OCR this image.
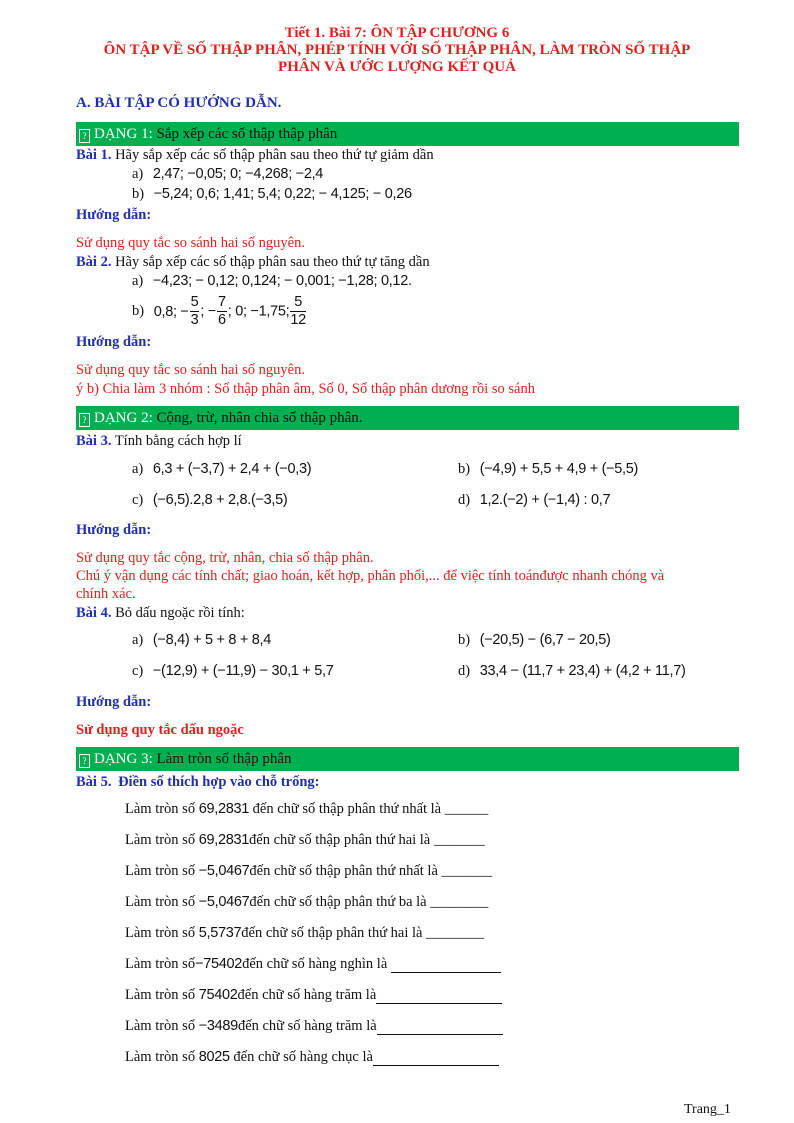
Tiết 1. Bài 7: ÔN TẬP CHƯƠNG 6
ÔN TẬP VỀ SỐ THẬP PHÂN, PHÉP TÍNH VỚI SỐ THẬP PHÂN, LÀM TRÒN SỐ THẬP
PHÂN VÀ ƯỚC LƯỢNG KẾT QUẢ
A. BÀI TẬP CÓ HƯỚNG DẪN.
? DẠNG 1: Sắp xếp các số thập thập phân
Bài 1. Hãy sắp xếp các số thập phân sau theo thứ tự giảm dần
a) 2,47; −0,05; 0; −4,268; −2,4
b) −5,24; 0,6; 1,41; 5,4; 0,22; − 4,125; − 0,26
Hướng dẫn:
Sử dụng quy tắc so sánh hai số nguyên.
Bài 2. Hãy sắp xếp các số thập phân sau theo thứ tự tăng dần
a) −4,23; − 0,12; 0,124; − 0,001; −1,28; 0,12.
b) 0,8; − $\frac{5}{3}$ ; − $\frac{7}{6}$ ; 0; −1,75; $\frac{5}{12}$
Hướng dẫn:
Sử dụng quy tắc so sánh hai số nguyên.
ý b) Chia làm 3 nhóm : Số thập phân âm, Số 0, Số thập phân dương rồi so sánh
? DẠNG 2: Cộng, trừ, nhân chia số thập phân.
Bài 3. Tính bằng cách hợp lí
a) 6,3 + (−3,7) + 2,4 + (−0,3)	b) (−4,9) + 5,5 + 4,9 + (−5,5)
c) (−6,5).2,8 + 2,8.(−3,5)	d) 1,2.(−2) + (−1,4) : 0,7
Hướng dẫn:
Sử dụng quy tắc cộng, trừ, nhân, chia số thập phân.
Chú ý vận dụng các tính chất; giao hoán, kết hợp, phân phối,... để việc tính toánđược nhanh chóng và
chính xác.
Bài 4. Bỏ dấu ngoặc rồi tính:
a) (−8,4) + 5 + 8 + 8,4	b) (−20,5) − (6,7 − 20,5)
c) −(12,9) + (−11,9) − 30,1 + 5,7	d) 33,4 − (11,7 + 23,4) + (4,2 + 11,7)
Hướng dẫn:
Sử dụng quy tắc dấu ngoặc
? DẠNG 3: Làm tròn số thập phân
Bài 5. Điền số thích hợp vào chỗ trống:
Làm tròn số 69,2831 đến chữ số thập phân thứ nhất là ______
Làm tròn số 69,2831đến chữ số thập phân thứ hai là _______
Làm tròn số −5,0467đến chữ số thập phân thứ nhất là _______
Làm tròn số −5,0467đến chữ số thập phân thứ ba là ________
Làm tròn số 5,5737đến chữ số thập phân thứ hai là ________
Làm tròn số−75402đến chữ số hàng nghìn là
Làm tròn số 75402đến chữ số hàng trăm là
Làm tròn số −3489đến chữ số hàng trăm là
Làm tròn số 8025 đến chữ số hàng chục là
Trang_1
